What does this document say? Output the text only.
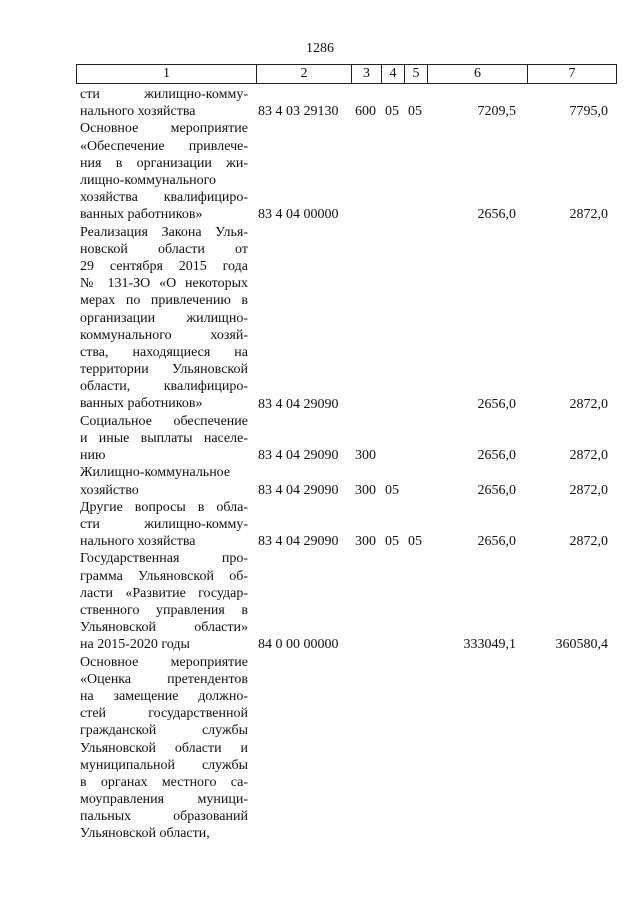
1286
1	2	3	4	5	6	7
сти жилищно-комму-
нального хозяйства	83 4 03 29130 600 05 05	7209,5	7795,0
Основное мероприятие
«Обеспечение привлече-
ния в организации жи-
лищно-коммунального
хозяйства квалифициро-
ванных работников»	83 4 04 00000	2656,0	2872,0
Реализация Закона Улья-
новской области от
29 сентября 2015 года
№ 131-ЗО «О некоторых
мерах по привлечению в
организации жилищно-
коммунального хозяй-
ства, находящиеся на
территории Ульяновской
области, квалифициро-
ванных работников»	83 4 04 29090	2656,0	2872,0
Социальное обеспечение
и иные выплаты населе-
нию	83 4 04 29090 300	2656,0	2872,0
Жилищно-коммунальное
хозяйство	83 4 04 29090 300 05	2656,0	2872,0
Другие вопросы в обла-
сти жилищно-комму-
нального хозяйства	83 4 04 29090 300 05 05	2656,0	2872,0
Государственная про-
грамма Ульяновской об-
ласти «Развитие государ-
ственного управления в
Ульяновской области»
на 2015-2020 годы	84 0 00 00000	333049,1	360580,4
Основное мероприятие
«Оценка претендентов
на замещение должно-
стей государственной
гражданской службы
Ульяновской области и
муниципальной службы
в органах местного са-
моуправления муници-
пальных образований
Ульяновской области,
